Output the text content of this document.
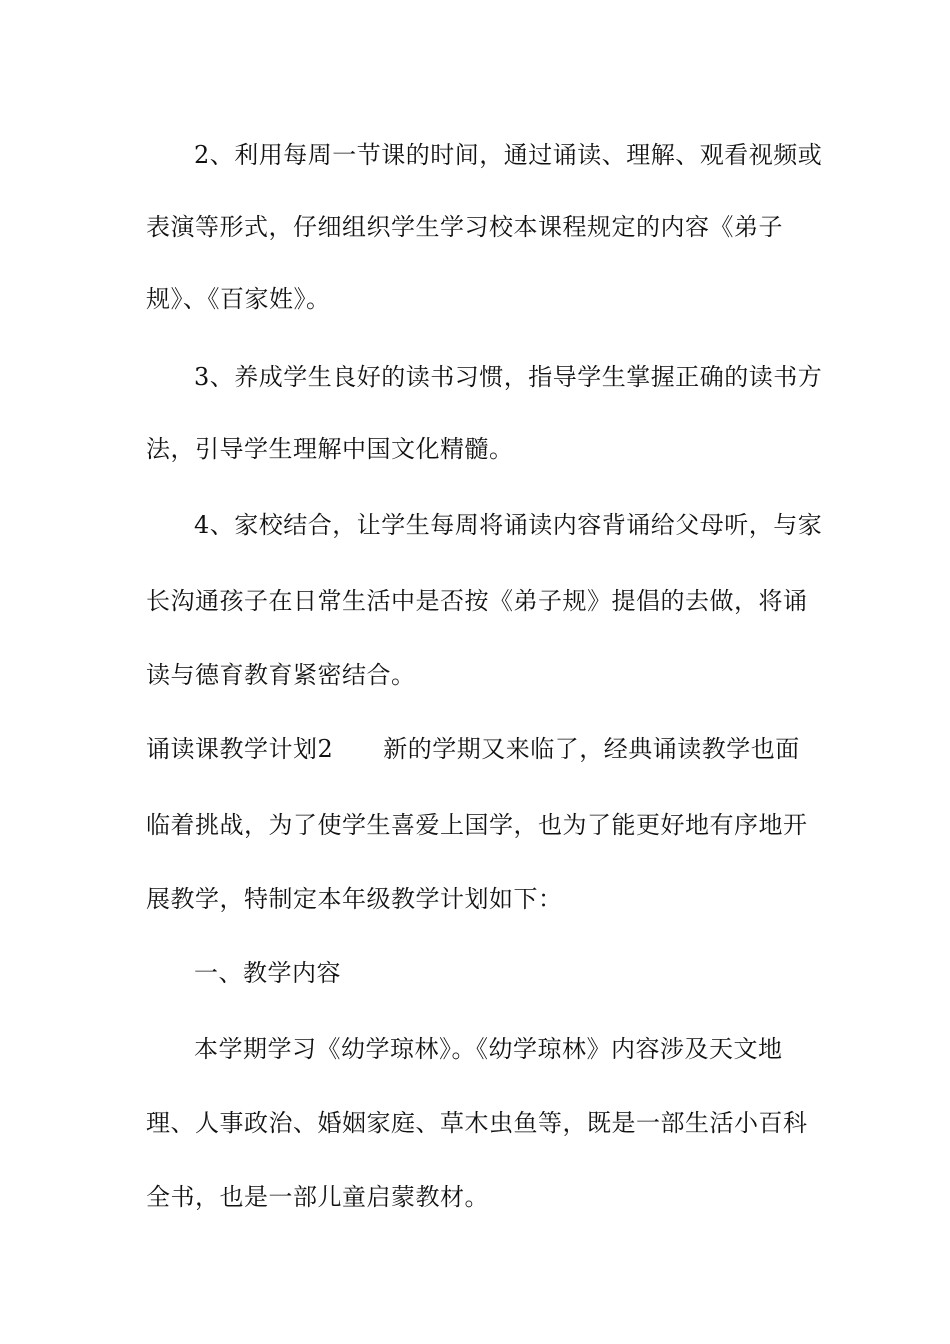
2、利用每周一节课的时间，通过诵读、理解、观看视频或
表演等形式，仔细组织学生学习校本课程规定的内容《弟子
规》、《百家姓》。
3、养成学生良好的读书习惯，指导学生掌握正确的读书方
法，引导学生理解中国文化精髓。
4、家校结合，让学生每周将诵读内容背诵给父母听，与家
长沟通孩子在日常生活中是否按《弟子规》提倡的去做，将诵
读与德育教育紧密结合。
诵读课教学计划2 新的学期又来临了，经典诵读教学也面
临着挑战，为了使学生喜爱上国学，也为了能更好地有序地开
展教学，特制定本年级教学计划如下：
一、教学内容
本学期学习《幼学琼林》。《幼学琼林》内容涉及天文地
理、人事政治、婚姻家庭、草木虫鱼等，既是一部生活小百科
全书，也是一部儿童启蒙教材。
